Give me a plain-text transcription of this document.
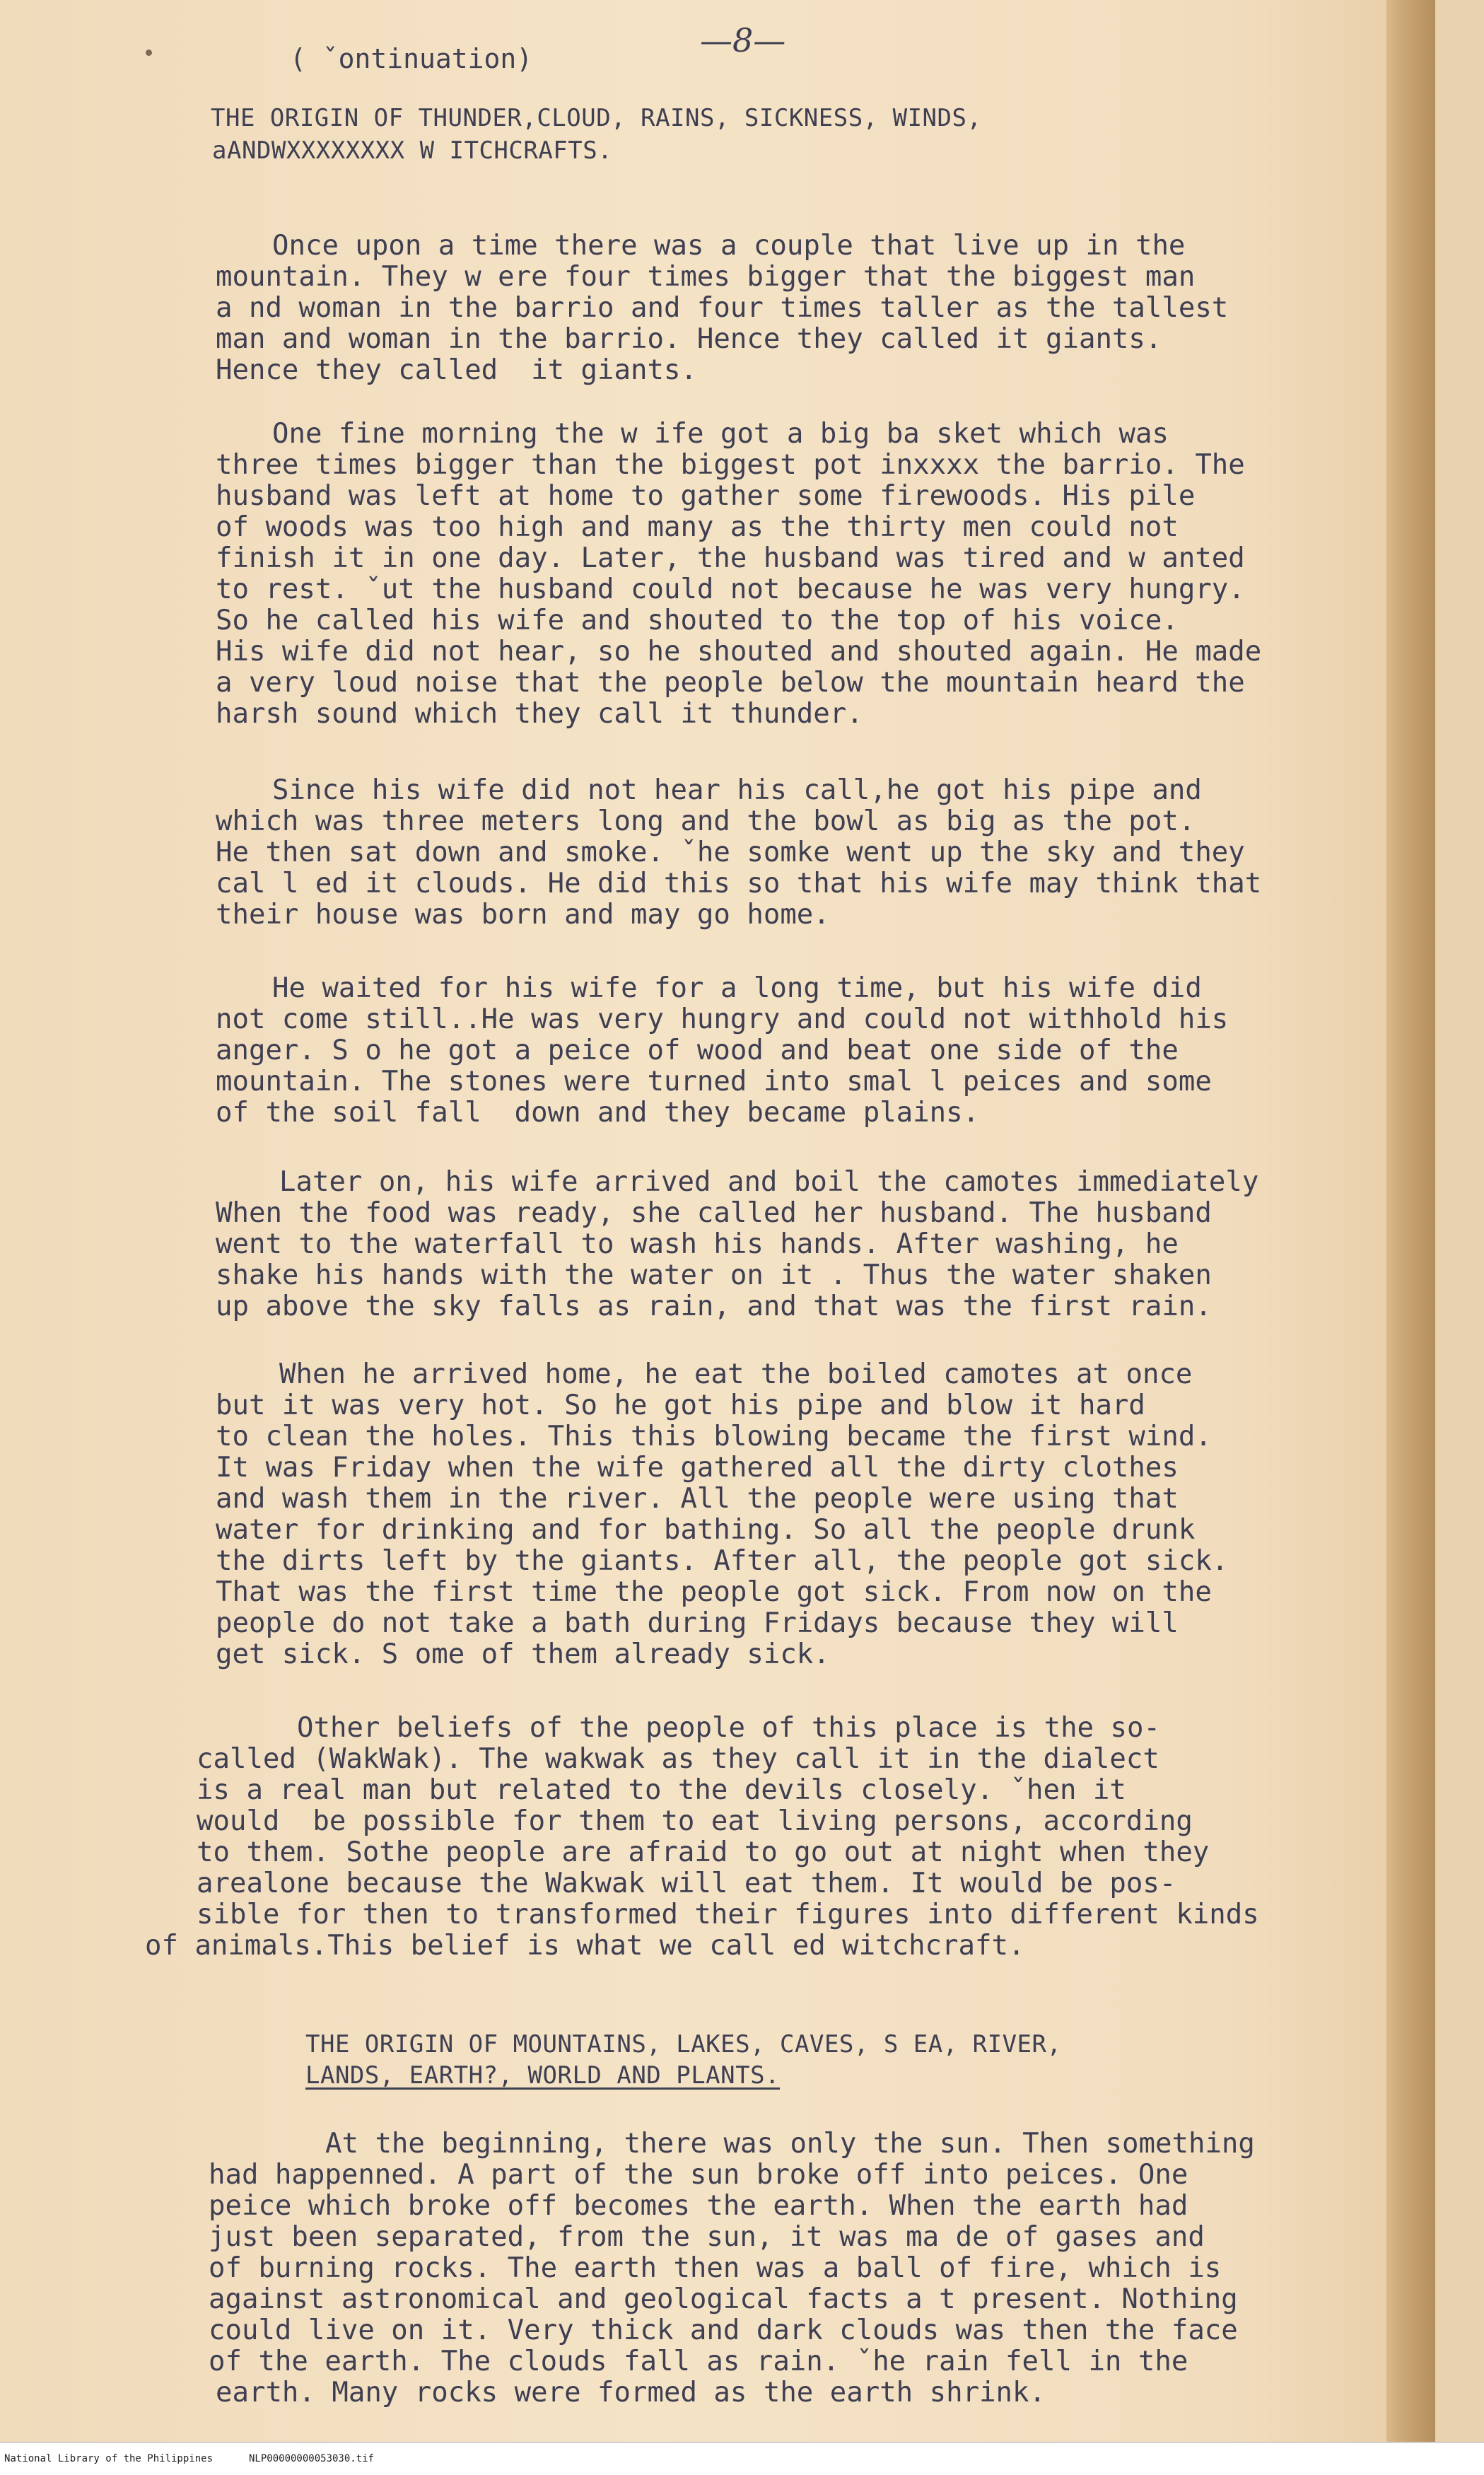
( ˇontinuation)	—8—
THE ORIGIN OF THUNDER,CLOUD, RAINS, SICKNESS, WINDS,
aANDWXXXXXXXX W ITCHCRAFTS.
Once upon a time there was a couple that live up in the
mountain. They w ere four times bigger that the biggest man
a nd woman in the barrio and four times taller as the tallest
man and woman in the barrio. Hence they called it giants.
Hence they called  it giants.
One fine morning the w ife got a big ba sket which was
three times bigger than the biggest pot inxxxx the barrio. The
husband was left at home to gather some firewoods. His pile
of woods was too high and many as the thirty men could not
finish it in one day. Later, the husband was tired and w anted
to rest. ˇut the husband could not because he was very hungry.
So he called his wife and shouted to the top of his voice.
His wife did not hear, so he shouted and shouted again. He made
a very loud noise that the people below the mountain heard the
harsh sound which they call it thunder.
Since his wife did not hear his call,he got his pipe and
which was three meters long and the bowl as big as the pot.
He then sat down and smoke. ˇhe somke went up the sky and they
cal l ed it clouds. He did this so that his wife may think that
their house was born and may go home.
He waited for his wife for a long time, but his wife did
not come still..He was very hungry and could not withhold his
anger. S o he got a peice of wood and beat one side of the
mountain. The stones were turned into smal l peices and some
of the soil fall  down and they became plains.
Later on, his wife arrived and boil the camotes immediately
When the food was ready, she called her husband. The husband
went to the waterfall to wash his hands. After washing, he
shake his hands with the water on it . Thus the water shaken
up above the sky falls as rain, and that was the first rain.
When he arrived home, he eat the boiled camotes at once
but it was very hot. So he got his pipe and blow it hard
to clean the holes. This this blowing became the first wind.
It was Friday when the wife gathered all the dirty clothes
and wash them in the river. All the people were using that
water for drinking and for bathing. So all the people drunk
the dirts left by the giants. After all, the people got sick.
That was the first time the people got sick. From now on the
people do not take a bath during Fridays because they will
get sick. S ome of them already sick.
Other beliefs of the people of this place is the so-
called (WakWak). The wakwak as they call it in the dialect
is a real man but related to the devils closely. ˇhen it
would  be possible for them to eat living persons, according
to them. Sothe people are afraid to go out at night when they
arealone because the Wakwak will eat them. It would be pos-
sible for then to transformed their figures into different kinds
of animals.This belief is what we call ed witchcraft.
THE ORIGIN OF MOUNTAINS, LAKES, CAVES, S EA, RIVER,
LANDS, EARTH?, WORLD AND PLANTS.
At the beginning, there was only the sun. Then something
had happenned. A part of the sun broke off into peices. One
peice which broke off becomes the earth. When the earth had
just been separated, from the sun, it was ma de of gases and
of burning rocks. The earth then was a ball of fire, which is
against astronomical and geological facts a t present. Nothing
could live on it. Very thick and dark clouds was then the face
of the earth. The clouds fall as rain. ˇhe rain fell in the
earth. Many rocks were formed as the earth shrink.
National Library of the Philippines	NLP00000000053030.tif
